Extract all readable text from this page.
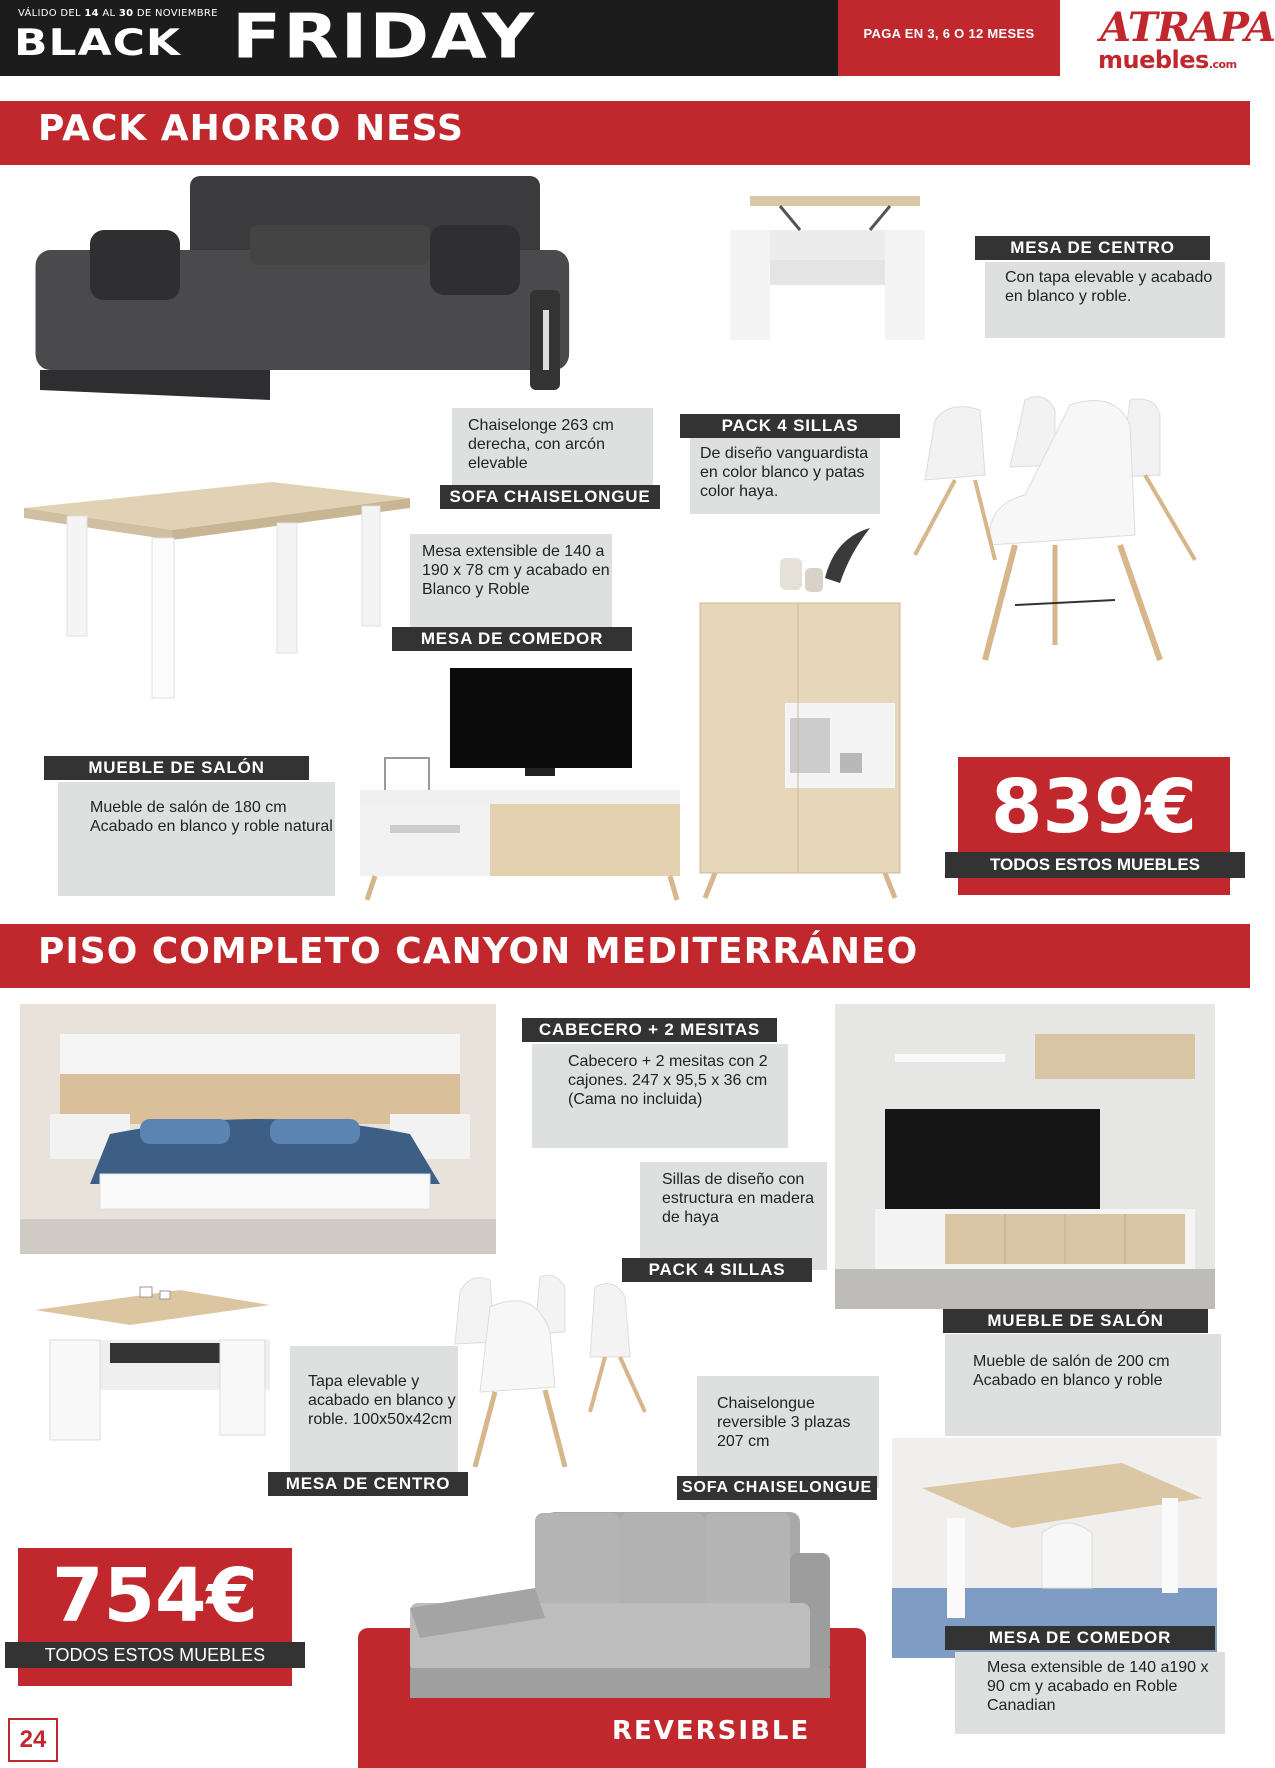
VÁLIDO DEL 14 AL 30 DE NOVIEMBRE
BLACK FRIDAY	PAGA EN 3, 6 O 12 MESES	ATRAPA
muebles.com
PACK AHORRO NESS
MESA DE CENTRO
Con tapa elevable y acabado en blanco y roble.
Chaiselonge 263 cm derecha, con arcón elevable
SOFA CHAISELONGUE
PACK 4 SILLAS
De diseño vanguardista en color blanco y patas color haya.
Mesa extensible de 140 a 190 x 78 cm y acabado en Blanco y Roble
MESA DE COMEDOR
MUEBLE DE SALÓN
Mueble de salón de 180 cm Acabado en blanco y roble natural	839€
TODOS ESTOS MUEBLES
PISO COMPLETO CANYON MEDITERRÁNEO
CABECERO + 2 MESITAS
Cabecero + 2 mesitas con 2 cajones. 247 x 95,5 x 36 cm (Cama no incluida)
Sillas de diseño con estructura en madera de haya
PACK 4 SILLAS
MUEBLE DE SALÓN
Mueble de salón de 200 cm Acabado en blanco y roble
Tapa elevable y acabado en blanco y roble. 100x50x42cm
MESA DE CENTRO
Chaiselongue reversible 3 plazas 207 cm
SOFA CHAISELONGUE
MESA DE COMEDOR
Mesa extensible de 140 a190 x 90 cm y acabado en Roble Canadian
754€
TODOS ESTOS MUEBLES
REVERSIBLE
24
